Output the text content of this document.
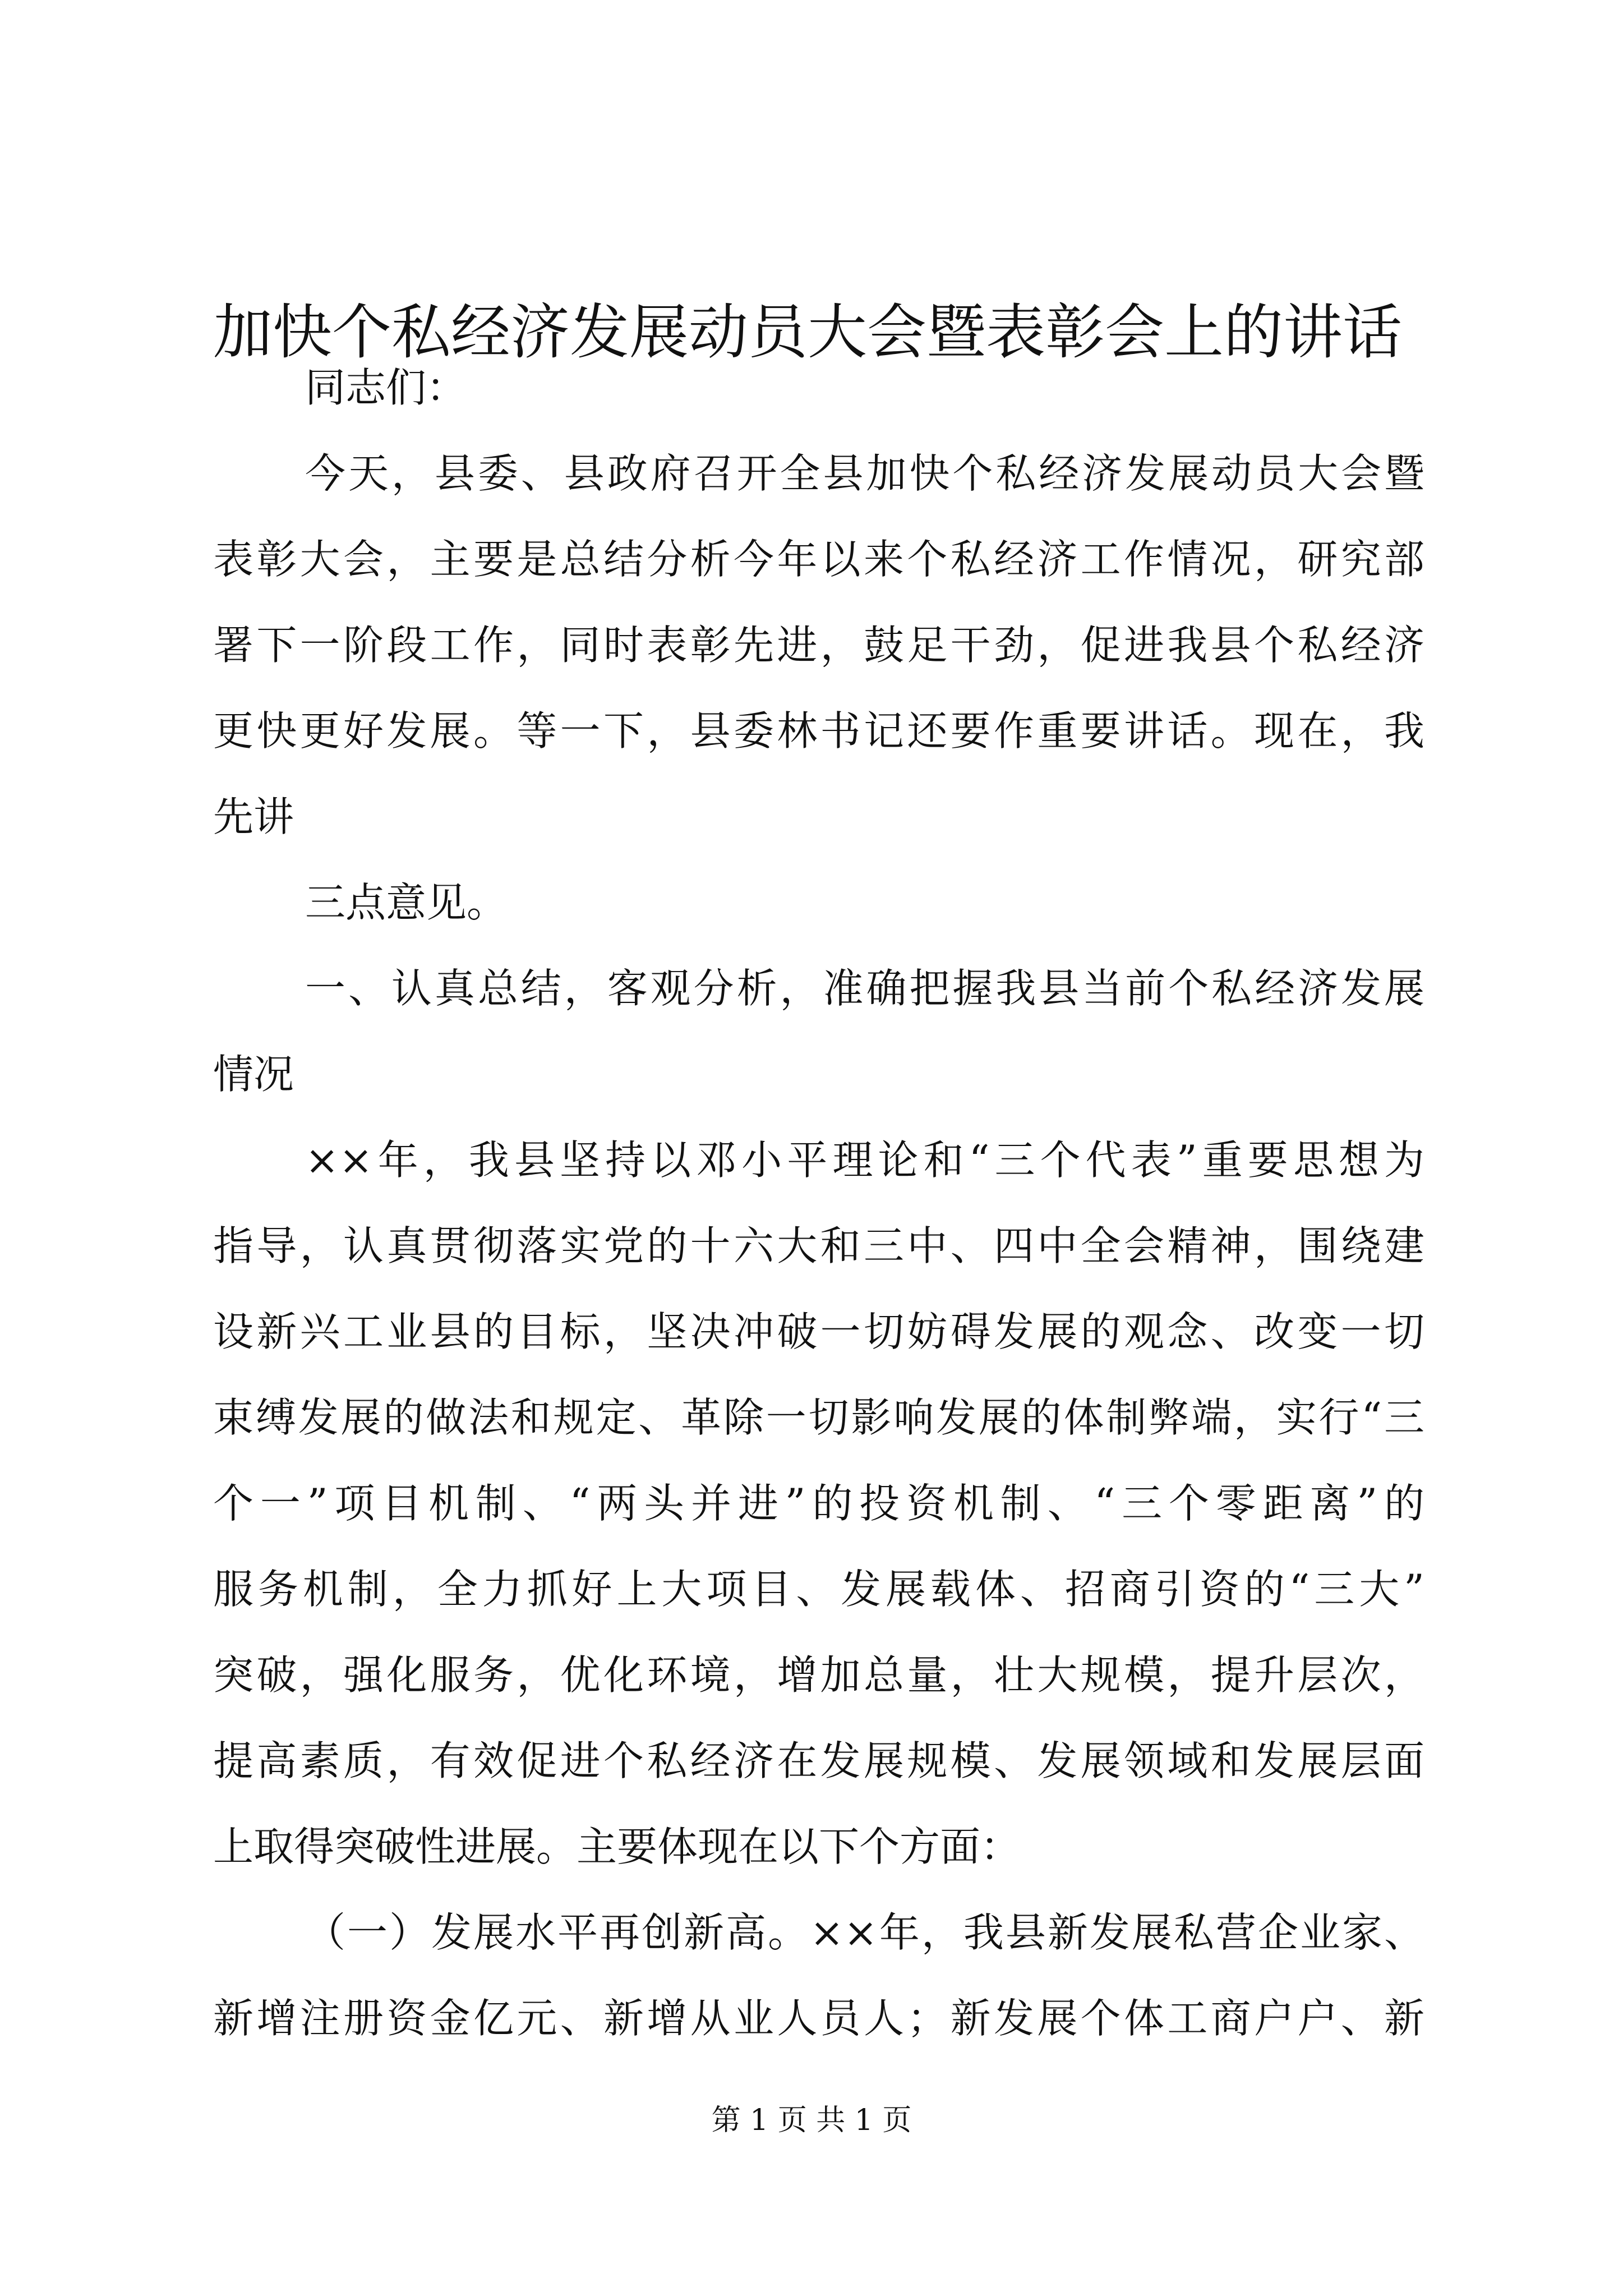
加快个私经济发展动员大会暨表彰会上的讲话
同志们：
今天，县委、县政府召开全县加快个私经济发展动员大会暨
表彰大会，主要是总结分析今年以来个私经济工作情况，研究部
署下一阶段工作，同时表彰先进，鼓足干劲，促进我县个私经济
更快更好发展。等一下，县委林书记还要作重要讲话。现在，我
先讲
三点意见。
一、认真总结，客观分析，准确把握我县当前个私经济发展
情况
××年，我县坚持以邓小平理论和“三个代表”重要思想为
指导，认真贯彻落实党的十六大和三中、四中全会精神，围绕建
设新兴工业县的目标，坚决冲破一切妨碍发展的观念、改变一切
束缚发展的做法和规定、革除一切影响发展的体制弊端，实行“三
个一”项目机制、“两头并进”的投资机制、“三个零距离”的
服务机制，全力抓好上大项目、发展载体、招商引资的“三大”
突破，强化服务，优化环境，增加总量，壮大规模，提升层次，
提高素质，有效促进个私经济在发展规模、发展领域和发展层面
上取得突破性进展。主要体现在以下个方面：
（一）发展水平再创新高。××年，我县新发展私营企业家、
新增注册资金亿元、新增从业人员人；新发展个体工商户户、新
第 1 页 共 1 页
